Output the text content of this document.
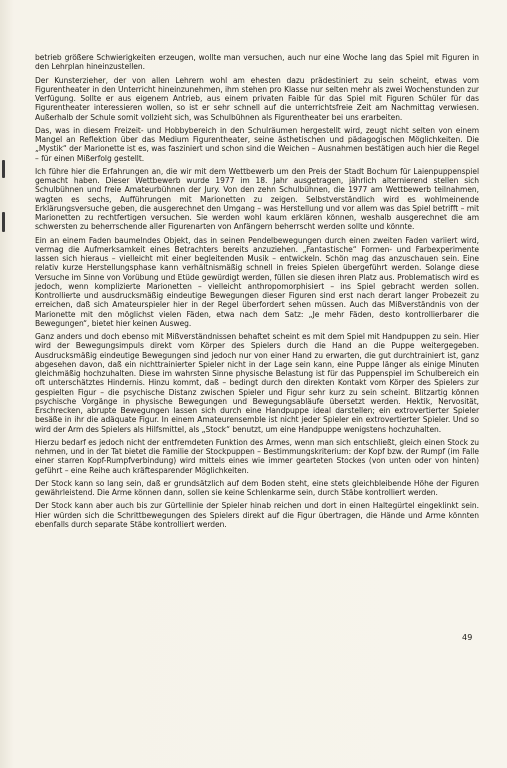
betrieb größere Schwierigkeiten erzeugen, wollte man versuchen, auch nur eine Woche lang das Spiel mit Figuren in den Lehrplan hineinzustellen.

Der Kunsterzieher, der von allen Lehrern wohl am ehesten dazu prädestiniert zu sein scheint, etwas vom Figurentheater in den Unterricht hineinzunehmen, ihm stehen pro Klasse nur selten mehr als zwei Wochenstunden zur Verfügung. Sollte er aus eigenem Antrieb, aus einem privaten Faible für das Spiel mit Figuren Schüler für das Figurentheater interessieren wollen, so ist er sehr schnell auf die unterrichtsfreie Zeit am Nachmittag verwiesen. Außerhalb der Schule somit vollzieht sich, was Schulbühnen als Figurentheater bei uns erarbeiten.

Das, was in diesem Freizeit- und Hobbybereich in den Schulräumen hergestellt wird, zeugt nicht selten von einem Mangel an Reflektion über das Medium Figurentheater, seine ästhetischen und pädagogischen Möglichkeiten. Die „Mystik“ der Marionette ist es, was fasziniert und schon sind die Weichen – Ausnahmen bestätigen auch hier die Regel – für einen Mißerfolg gestellt.

Ich führe hier die Erfahrungen an, die wir mit dem Wettbewerb um den Preis der Stadt Bochum für Laienpuppenspiel gemacht haben. Dieser Wettbewerb wurde 1977 im 18. Jahr ausgetragen, jährlich alternierend stellen sich Schulbühnen und freie Amateurbühnen der Jury. Von den zehn Schulbühnen, die 1977 am Wettbewerb teilnahmen, wagten es sechs, Aufführungen mit Marionetten zu zeigen. Selbstverständlich wird es wohlmeinende Erklärungsversuche geben, die ausgerechnet den Umgang – was Herstellung und vor allem was das Spiel betrifft – mit Marionetten zu rechtfertigen versuchen. Sie werden wohl kaum erklären können, weshalb ausgerechnet die am schwersten zu beherrschende aller Figurenarten von Anfängern beherrscht werden sollte und könnte.

Ein an einem Faden baumelndes Objekt, das in seinen Pendelbewegungen durch einen zweiten Faden variiert wird, vermag die Aufmerksamkeit eines Betrachters bereits anzuziehen. „Fantastische“ Formen- und Farbexperimente lassen sich hieraus – vielleicht mit einer begleitenden Musik – entwickeln. Schön mag das anzuschauen sein. Eine relativ kurze Herstellungsphase kann verhältnismäßig schnell in freies Spielen übergeführt werden. Solange diese Versuche im Sinne von Vorübung und Etüde gewürdigt werden, füllen sie diesen ihren Platz aus. Problematisch wird es jedoch, wenn komplizierte Marionetten – vielleicht anthropomorphisiert – ins Spiel gebracht werden sollen. Kontrollierte und ausdrucksmäßig eindeutige Bewegungen dieser Figuren sind erst nach derart langer Probezeit zu erreichen, daß sich Amateurspieler hier in der Regel überfordert sehen müssen. Auch das Mißverständnis von der Marionette mit den möglichst vielen Fäden, etwa nach dem Satz: „Je mehr Fäden, desto kontrollierbarer die Bewegungen“, bietet hier keinen Ausweg.

Ganz anders und doch ebenso mit Mißverständnissen behaftet scheint es mit dem Spiel mit Handpuppen zu sein. Hier wird der Bewegungsimpuls direkt vom Körper des Spielers durch die Hand an die Puppe weitergegeben. Ausdrucksmäßig eindeutige Bewegungen sind jedoch nur von einer Hand zu erwarten, die gut durchtrainiert ist, ganz abgesehen davon, daß ein nichttrainierter Spieler nicht in der Lage sein kann, eine Puppe länger als einige Minuten gleichmäßig hochzuhalten. Diese im wahrsten Sinne physische Belastung ist für das Puppenspiel im Schulbereich ein oft unterschätztes Hindernis. Hinzu kommt, daß – bedingt durch den direkten Kontakt vom Körper des Spielers zur gespielten Figur – die psychische Distanz zwischen Spieler und Figur sehr kurz zu sein scheint. Blitzartig können psychische Vorgänge in physische Bewegungen und Bewegungsabläufe übersetzt werden. Hektik, Nervosität, Erschrecken, abrupte Bewegungen lassen sich durch eine Handpuppe ideal darstellen; ein extrovertierter Spieler besäße in ihr die adäquate Figur. In einem Amateurensemble ist nicht jeder Spieler ein extrovertierter Spieler. Und so wird der Arm des Spielers als Hilfsmittel, als „Stock“ benutzt, um eine Handpuppe wenigstens hochzuhalten.

Hierzu bedarf es jedoch nicht der entfremdeten Funktion des Armes, wenn man sich entschließt, gleich einen Stock zu nehmen, und in der Tat bietet die Familie der Stockpuppen – Bestimmungskriterium: der Kopf bzw. der Rumpf (im Falle einer starren Kopf-Rumpfverbindung) wird mittels eines wie immer gearteten Stockes (von unten oder von hinten) geführt – eine Reihe auch kräftesparender Möglichkeiten.

Der Stock kann so lang sein, daß er grundsätzlich auf dem Boden steht, eine stets gleichbleibende Höhe der Figuren gewährleistend. Die Arme können dann, sollen sie keine Schlenkarme sein, durch Stäbe kontrolliert werden.

Der Stock kann aber auch bis zur Gürtellinie der Spieler hinab reichen und dort in einen Haltegürtel eingeklinkt sein. Hier würden sich die Schrittbewegungen des Spielers direkt auf die Figur übertragen, die Hände und Arme könnten ebenfalls durch separate Stäbe kontrolliert werden.

49
